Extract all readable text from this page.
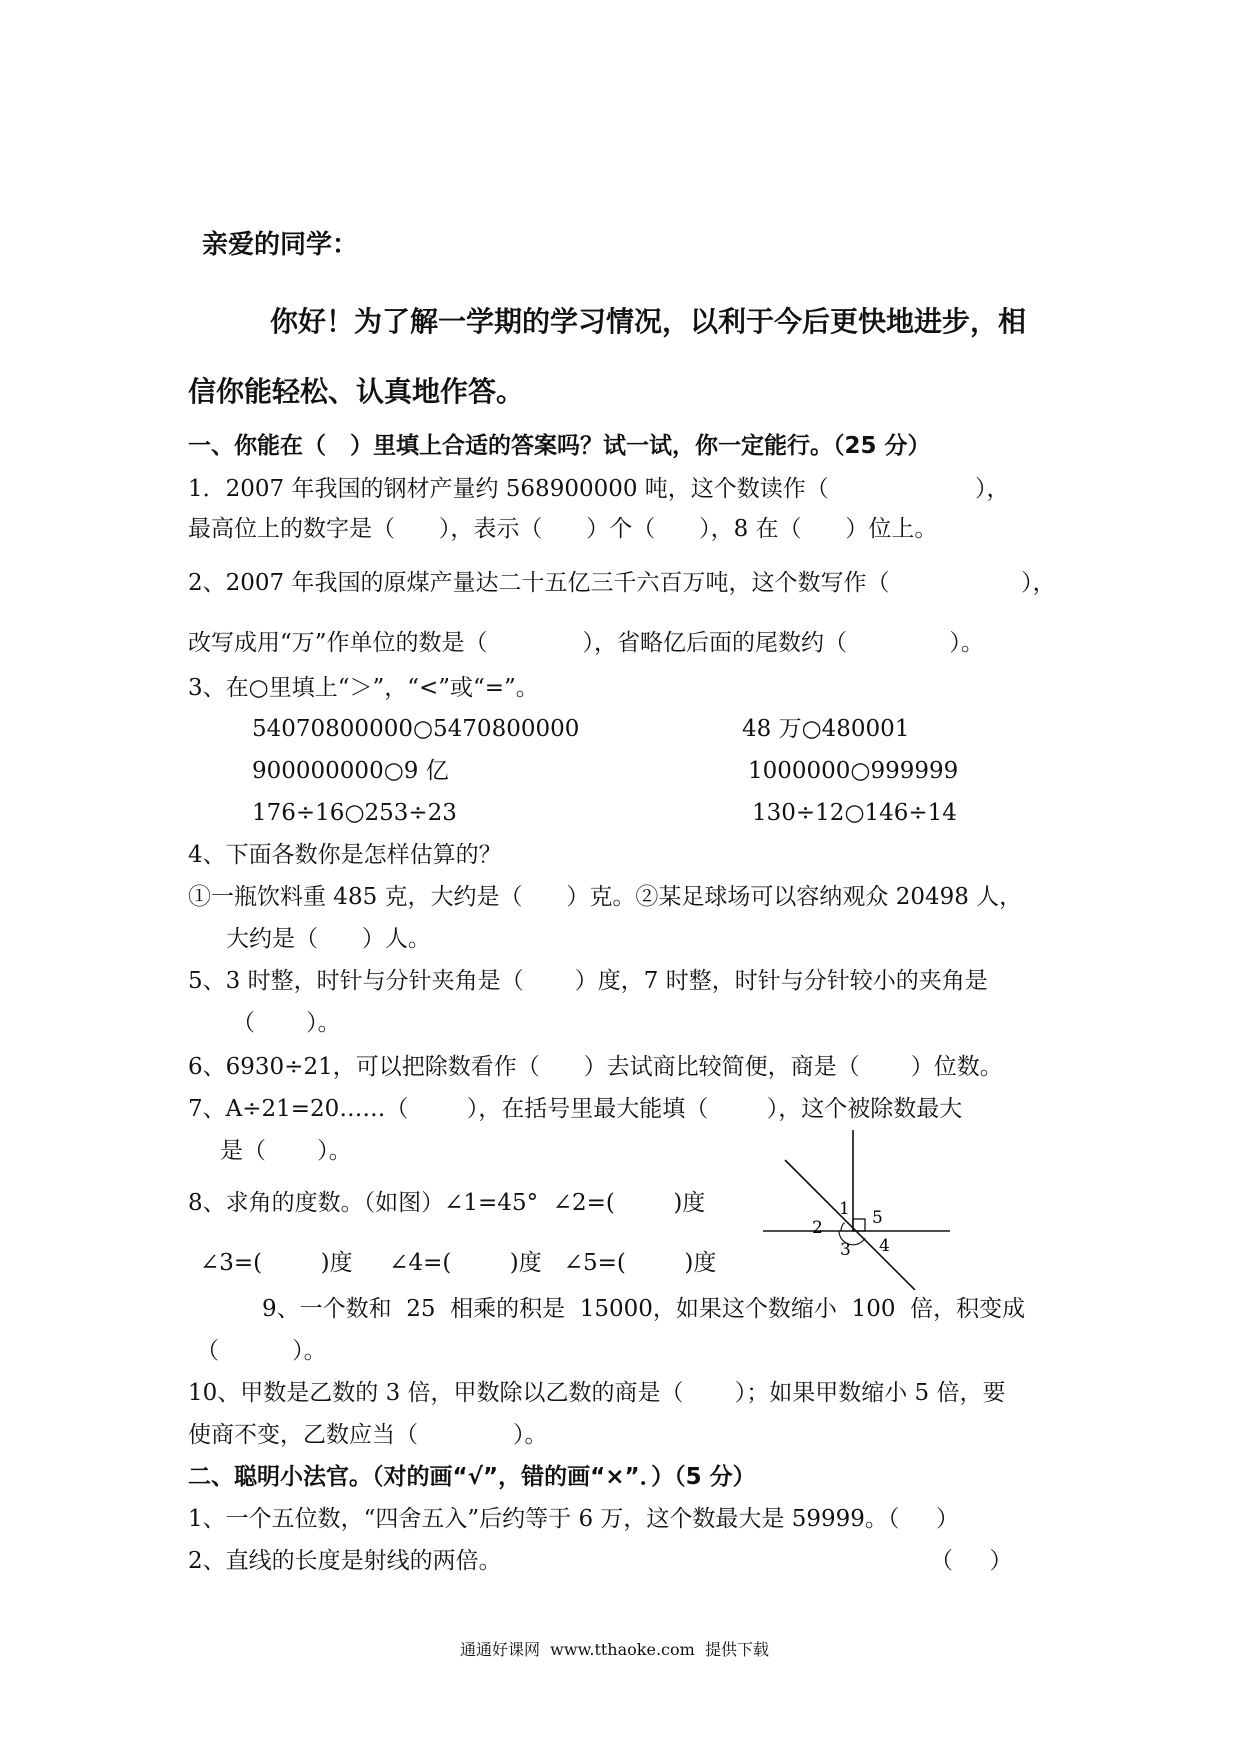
亲爱的同学：
你好！为了解一学期的学习情况，以利于今后更快地进步，相
信你能轻松、认真地作答。
一、你能在（   ）里填上合适的答案吗？试一试，你一定能行。（25 分）
1．2007 年我国的钢材产量约 568900000 吨，这个数读作（                    ），
最高位上的数字是（      ），表示（      ）个（      ），8 在（      ）位上。
2、2007 年我国的原煤产量达二十五亿三千六百万吨，这个数写作（                  ），
改写成用“万”作单位的数是（             ），省略亿后面的尾数约（              ）。
3、在○里填上“＞”，“<”或“=”。
54070800000○5470800000	48 万○480001
900000000○9 亿	1000000○999999
176÷16○253÷23	130÷12○146÷14
4、下面各数你是怎样估算的？
①一瓶饮料重 485 克，大约是（      ）克。②某足球场可以容纳观众 20498 人，
大约是（      ）人。
5、3 时整，时针与分针夹角是（       ）度，7 时整，时针与分针较小的夹角是
（       ）。
6、6930÷21，可以把除数看作（      ）去试商比较简便，商是（       ）位数。
7、A÷21=20……（        ），在括号里最大能填（        ），这个被除数最大
是（       ）。
8、求角的度数。（如图）∠1=45°  ∠2=(        )度
∠3=(        )度     ∠4=(        )度   ∠5=(        )度
1
2
3 4
5
9、一个数和  25  相乘的积是  15000，如果这个数缩小  100  倍，积变成
（          ）。
10、甲数是乙数的 3 倍，甲数除以乙数的商是（       ）；如果甲数缩小 5 倍，要
使商不变，乙数应当（             ）。
二、聪明小法官。（对的画“√”，错的画“×”．）（5 分）
1、一个五位数，“四舍五入”后约等于 6 万，这个数最大是 59999。（     ）
2、直线的长度是射线的两倍。	（     ）
通通好课网  www.tthaoke.com  提供下载
